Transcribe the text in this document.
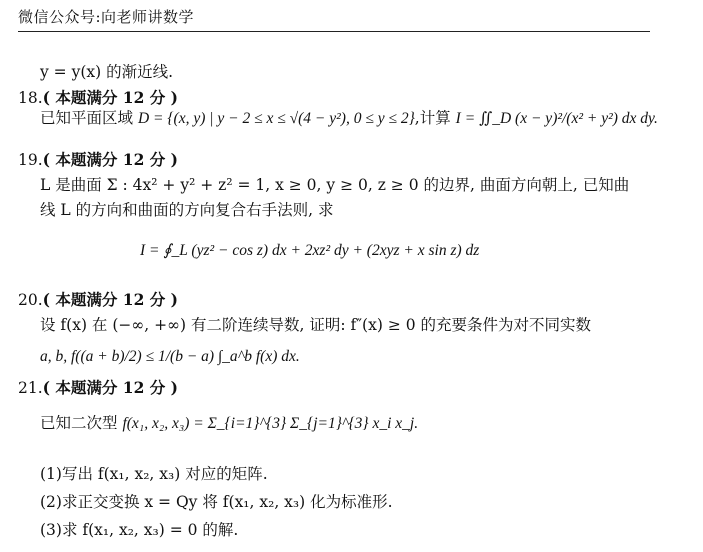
微信公众号:向老师讲数学
y = y(x) 的渐近线.
18.( 本题满分 12 分 )
已知平面区域 D = {(x, y) | y − 2 ≤ x ≤ √(4 − y²), 0 ≤ y ≤ 2},计算 I = ∬_D (x − y)²/(x² + y²) dx dy.
19.( 本题满分 12 分 )
L 是曲面 Σ : 4x² + y² + z² = 1, x ≥ 0, y ≥ 0, z ≥ 0 的边界, 曲面方向朝上, 已知曲
线 L 的方向和曲面的方向复合右手法则, 求
I = ∮_L (yz² − cos z) dx + 2xz² dy + (2xyz + x sin z) dz
20.( 本题满分 12 分 )
设 f(x) 在 (−∞, +∞) 有二阶连续导数, 证明: f″(x) ≥ 0 的充要条件为对不同实数
a, b, f((a + b)/2) ≤ 1/(b − a) ∫_a^b f(x) dx.
21.( 本题满分 12 分 )
已知二次型 f(x₁, x₂, x₃) = Σ_{i=1}^{3} Σ_{j=1}^{3} x_i x_j.
(1)写出 f(x₁, x₂, x₃) 对应的矩阵.
(2)求正交变换 x = Qy 将 f(x₁, x₂, x₃) 化为标准形.
(3)求 f(x₁, x₂, x₃) = 0 的解.
